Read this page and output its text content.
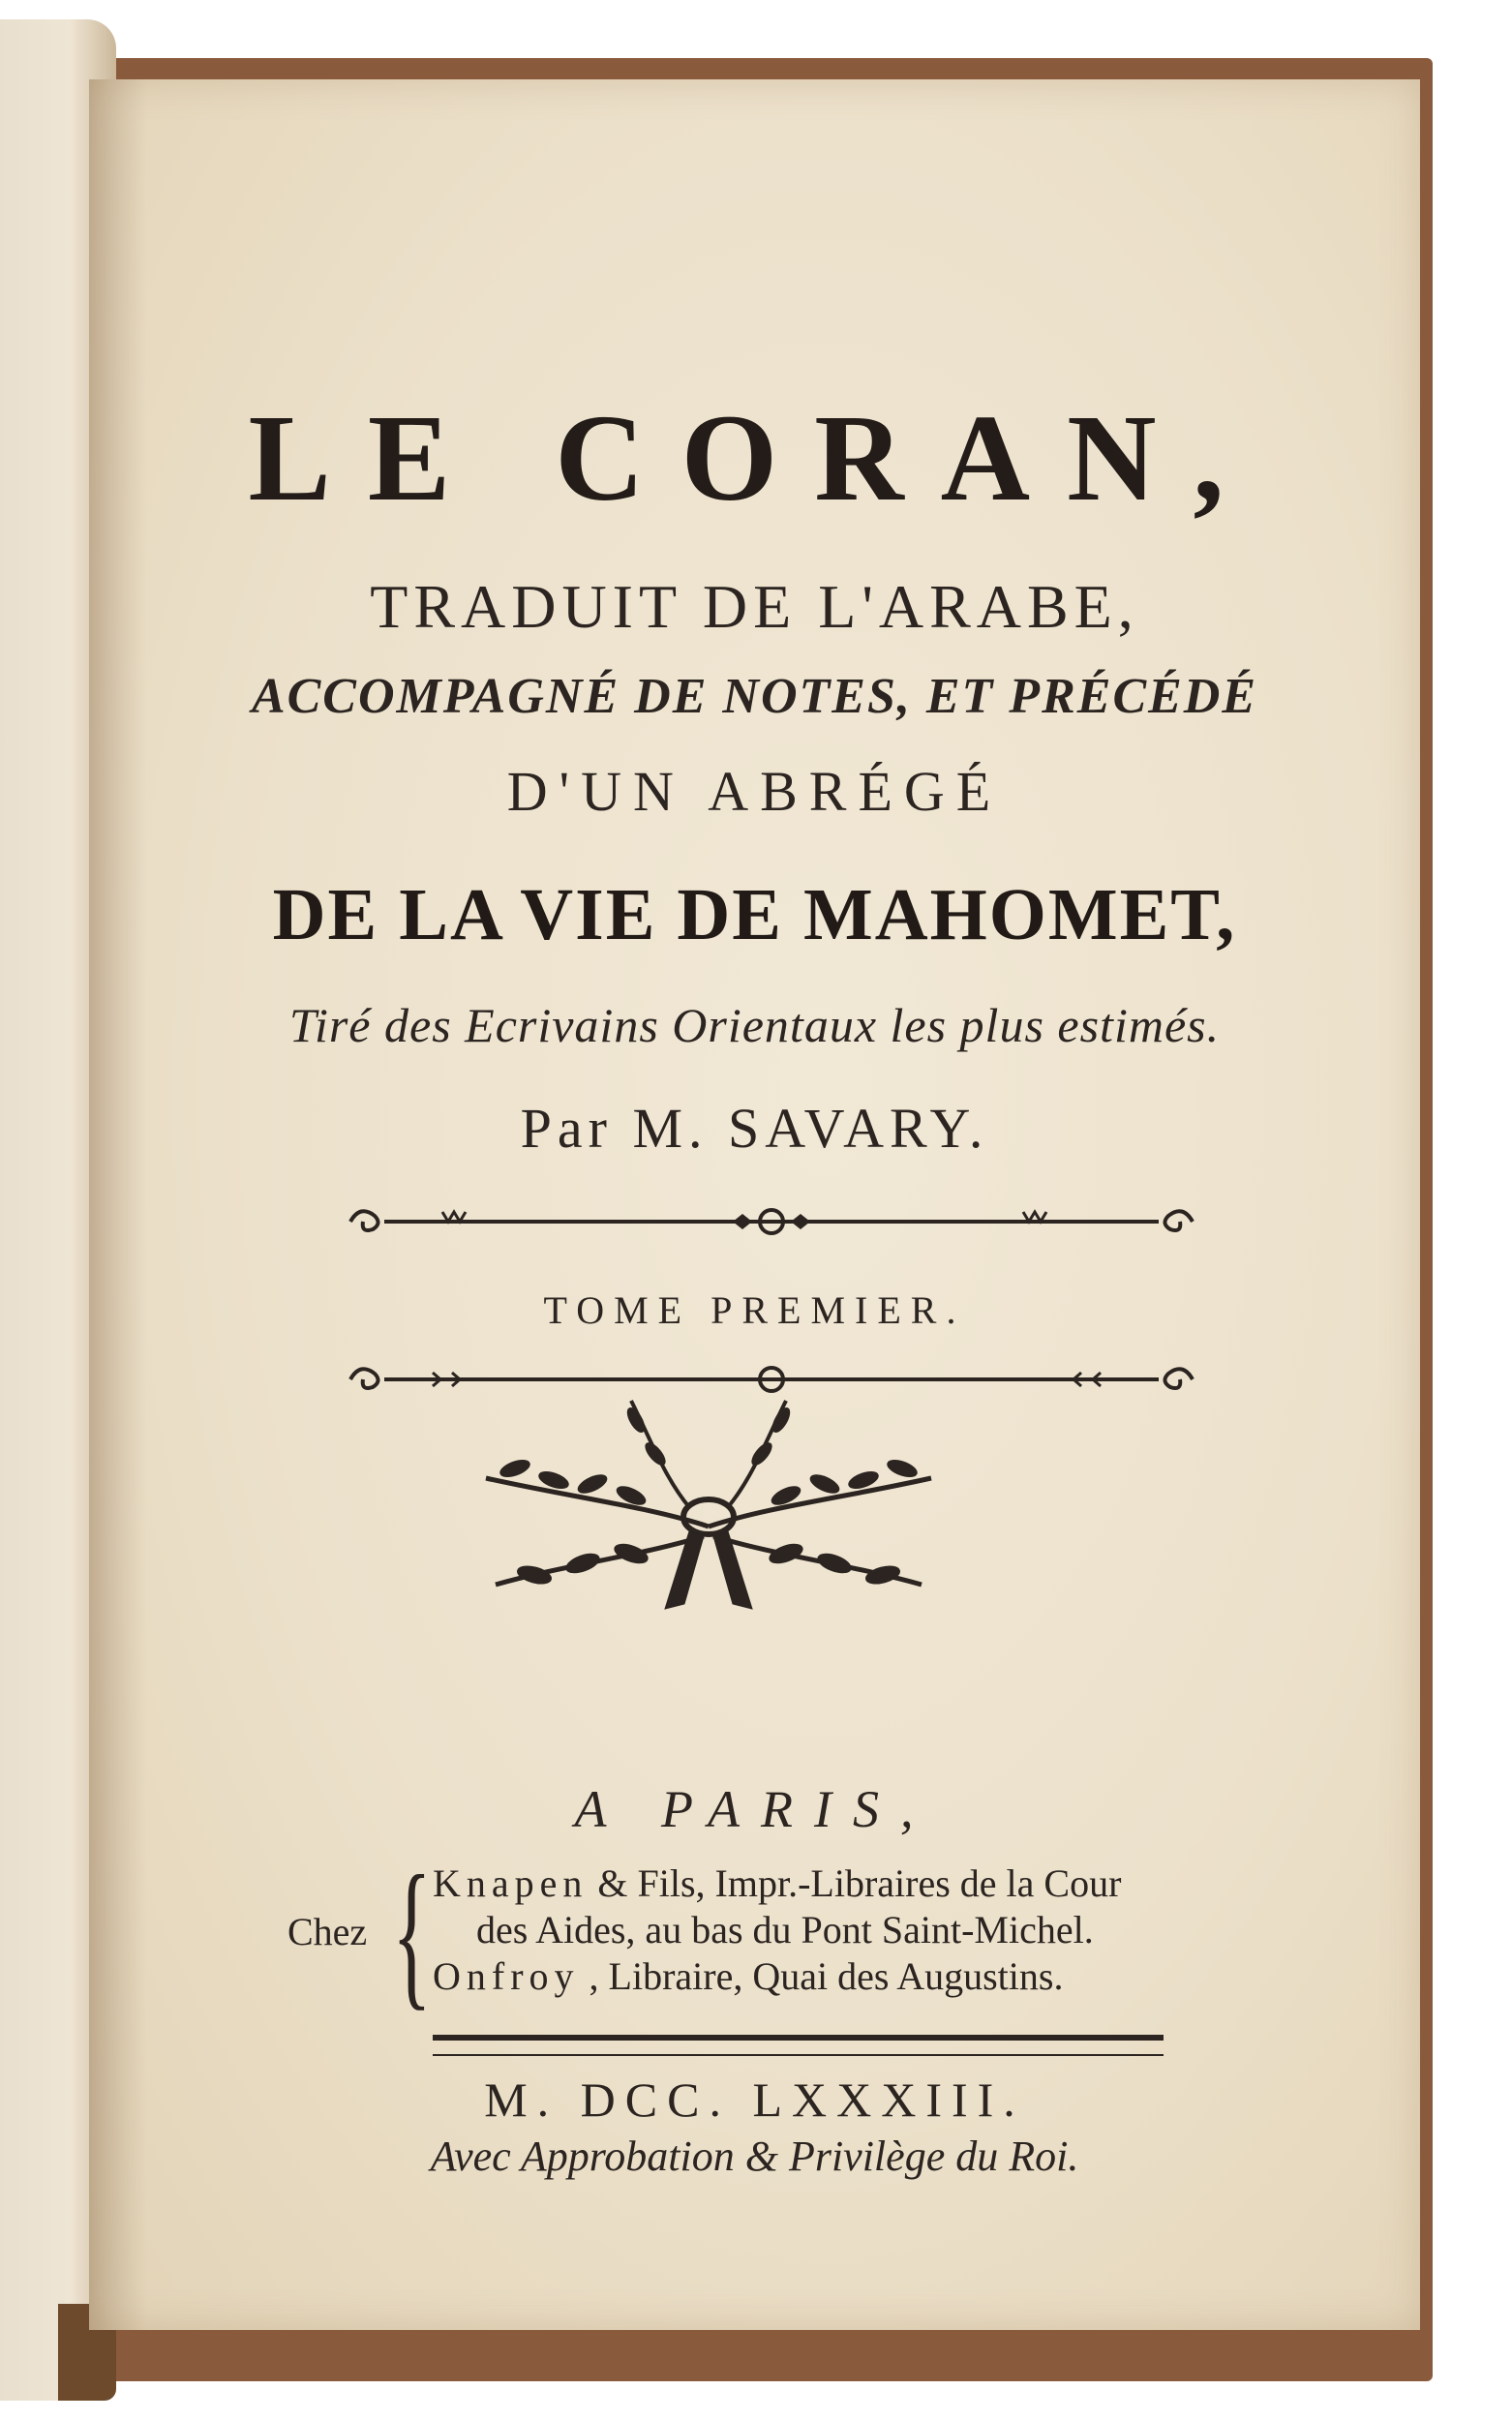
LE CORAN,
TRADUIT DE L'ARABE,
ACCOMPAGNÉ DE NOTES, ET PRÉCÉDÉ
D'UN ABRÉGÉ
DE LA VIE DE MAHOMET,
Tiré des Ecrivains Orientaux les plus estimés.
Par M. SAVARY.
TOME PREMIER.
A PARIS,
Chez { Knapen & Fils, Impr.-Libraires de la Cour
des Aides, au bas du Pont Saint-Michel.
Onfroy , Libraire, Quai des Augustins.
M. DCC. LXXXIII.
Avec Approbation & Privilège du Roi.
